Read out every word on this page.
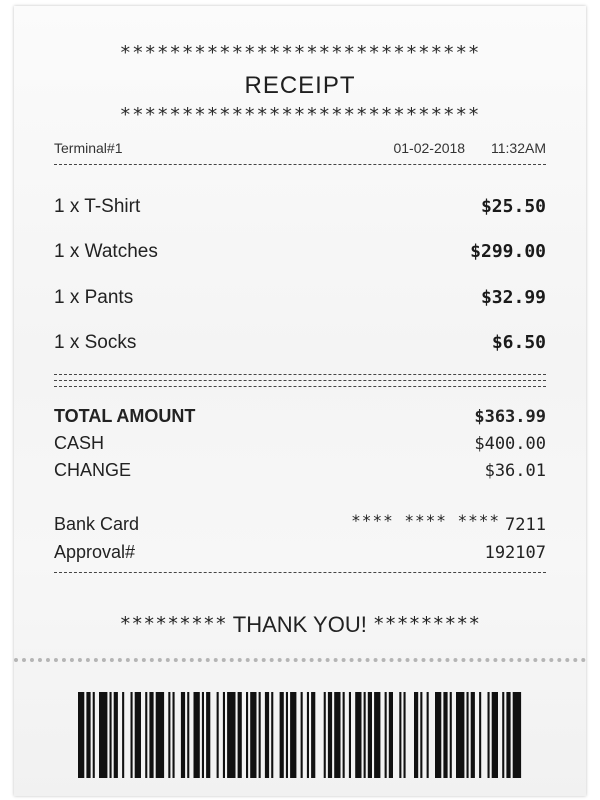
*****************************
RECEIPT
*****************************
Terminal#1	01-02-2018 11:32AM
1 x T-Shirt	$25.50
1 x Watches	$299.00
1 x Pants	$32.99
1 x Socks	$6.50
TOTAL AMOUNT	$363.99
CASH	$400.00
CHANGE	$36.01
Bank Card	**** **** **** 7211
Approval#	192107
********* THANK YOU! *********
